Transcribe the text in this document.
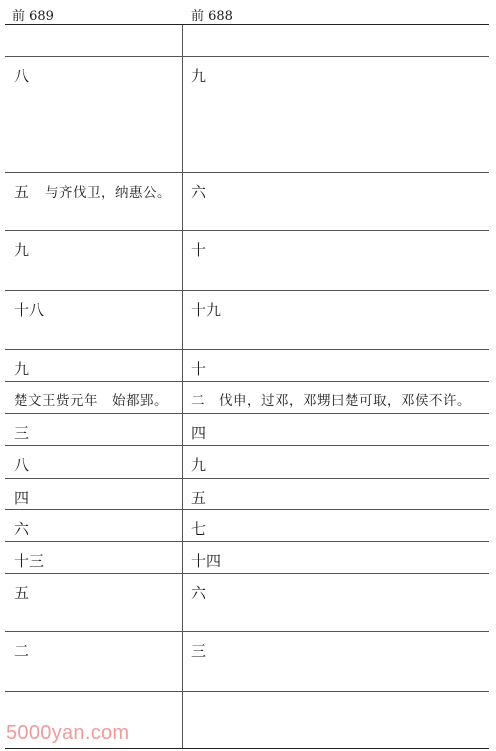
前 689	前 688
八	九
五 与齐伐卫，纳惠公。	六
九	十
十八	十九
九	十
楚文王赀元年 始都郢。	二 伐申，过邓，邓甥曰楚可取，邓侯不许。
三	四
八	九
四	五
六	七
十三	十四
五	六
二	三
5000yan.com
